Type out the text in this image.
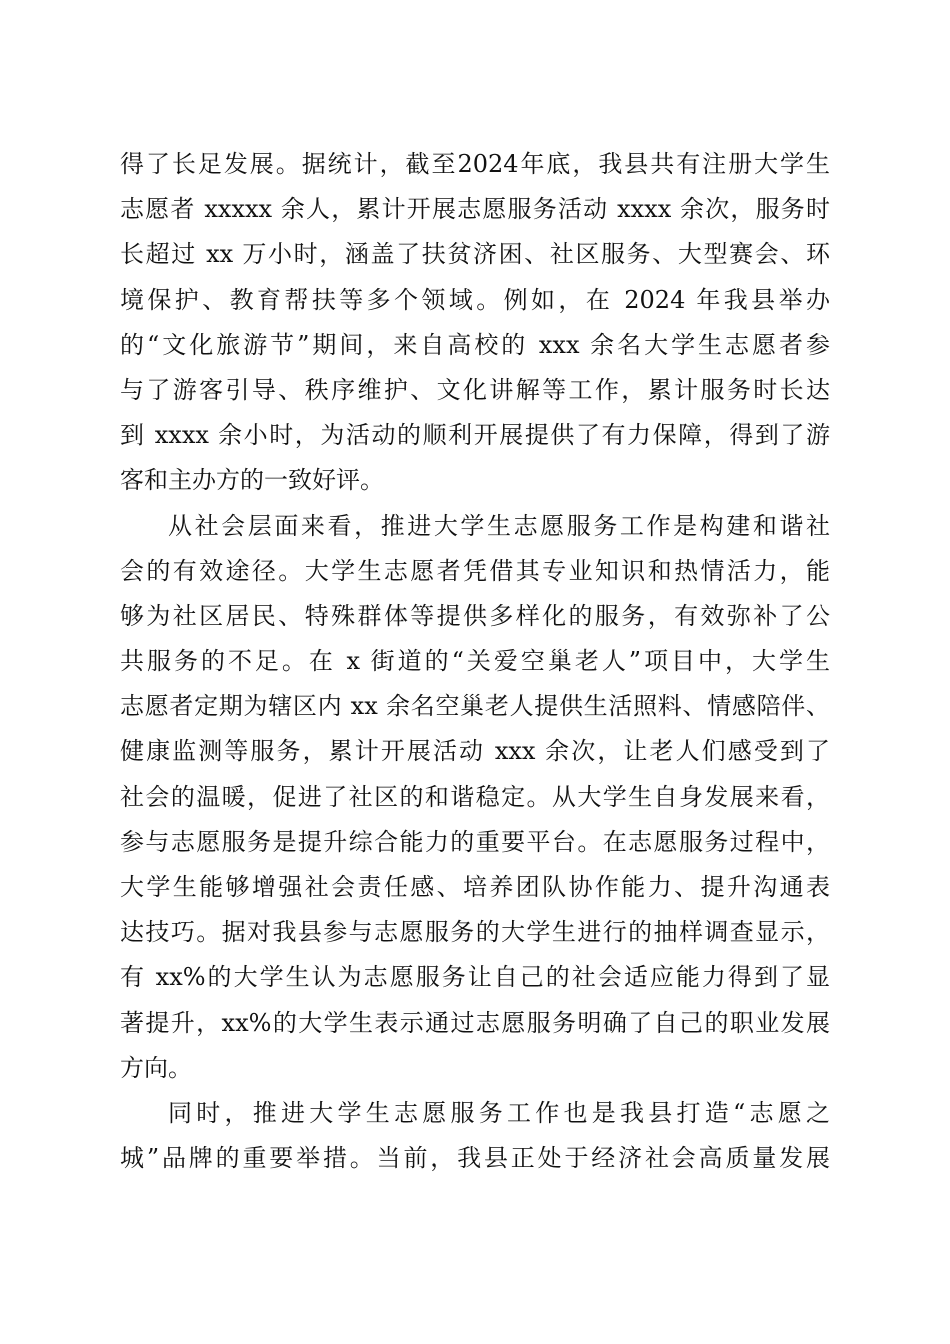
得了长足发展。据统计，截至2024年底，我县共有注册大学生
志愿者 xxxxx 余人，累计开展志愿服务活动 xxxx 余次，服务时
长超过 xx 万小时，涵盖了扶贫济困、社区服务、大型赛会、环
境保护、教育帮扶等多个领域。例如，在 2024 年我县举办
的“文化旅游节”期间，来自高校的 xxx 余名大学生志愿者参
与了游客引导、秩序维护、文化讲解等工作，累计服务时长达
到 xxxx 余小时，为活动的顺利开展提供了有力保障，得到了游
客和主办方的一致好评。
从社会层面来看，推进大学生志愿服务工作是构建和谐社
会的有效途径。大学生志愿者凭借其专业知识和热情活力，能
够为社区居民、特殊群体等提供多样化的服务，有效弥补了公
共服务的不足。在 x 街道的“关爱空巢老人”项目中，大学生
志愿者定期为辖区内 xx 余名空巢老人提供生活照料、情感陪伴、
健康监测等服务，累计开展活动 xxx 余次，让老人们感受到了
社会的温暖，促进了社区的和谐稳定。从大学生自身发展来看，
参与志愿服务是提升综合能力的重要平台。在志愿服务过程中，
大学生能够增强社会责任感、培养团队协作能力、提升沟通表
达技巧。据对我县参与志愿服务的大学生进行的抽样调查显示，
有 xx%的大学生认为志愿服务让自己的社会适应能力得到了显
著提升，xx%的大学生表示通过志愿服务明确了自己的职业发展
方向。
同时，推进大学生志愿服务工作也是我县打造“志愿之
城”品牌的重要举措。当前，我县正处于经济社会高质量发展
